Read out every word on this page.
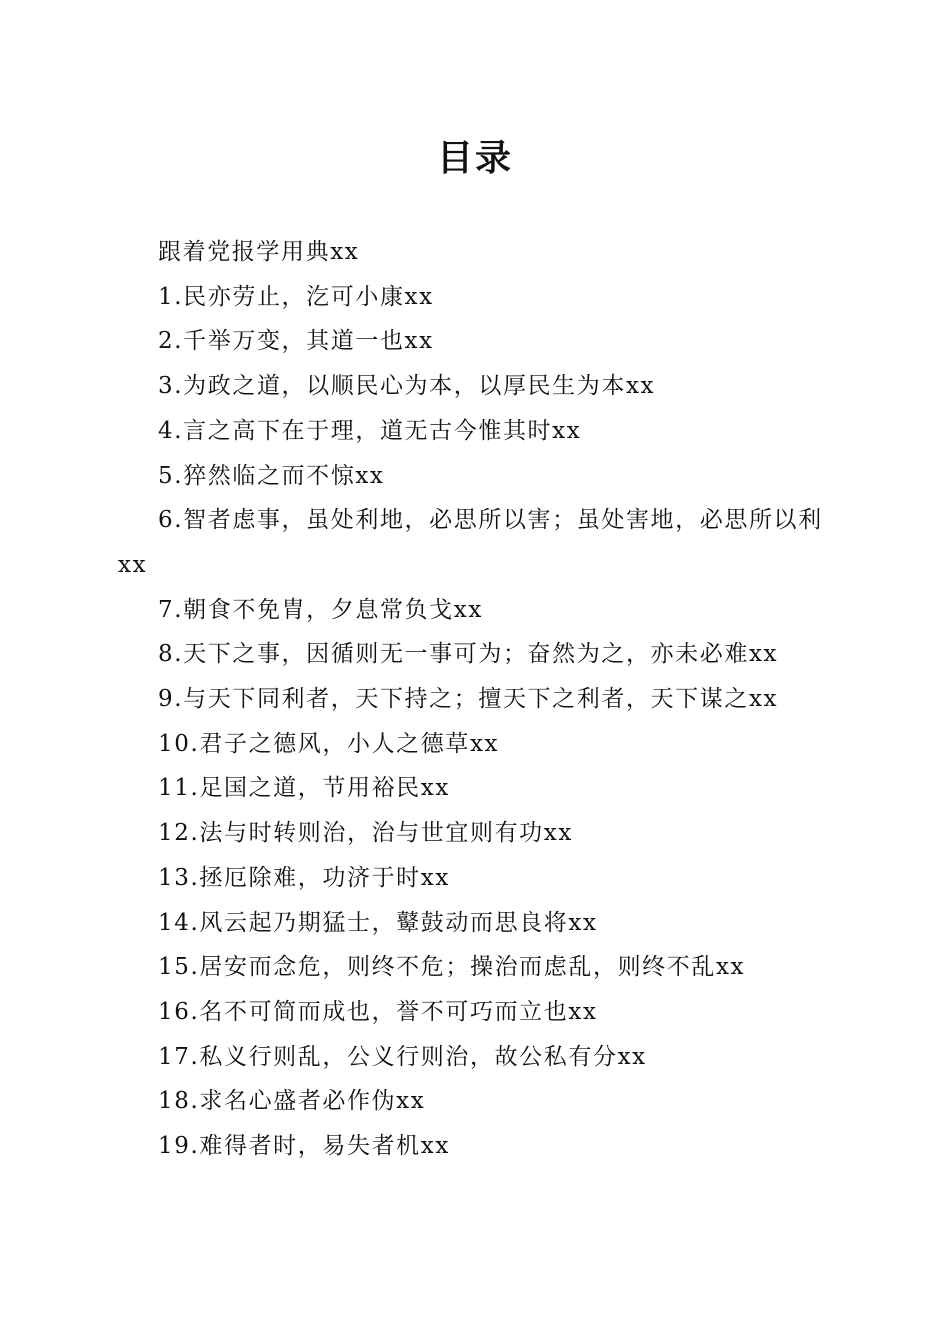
目录
跟着党报学用典xx
1.民亦劳止，汔可小康xx
2.千举万变，其道一也xx
3.为政之道，以顺民心为本，以厚民生为本xx
4.言之高下在于理，道无古今惟其时xx
5.猝然临之而不惊xx
6.智者虑事，虽处利地，必思所以害；虽处害地，必思所以利xx
7.朝食不免胄，夕息常负戈xx
8.天下之事，因循则无一事可为；奋然为之，亦未必难xx
9.与天下同利者，天下持之；擅天下之利者，天下谋之xx
10.君子之德风，小人之德草xx
11.足国之道，节用裕民xx
12.法与时转则治，治与世宜则有功xx
13.拯厄除难，功济于时xx
14.风云起乃期猛士，鼙鼓动而思良将xx
15.居安而念危，则终不危；操治而虑乱，则终不乱xx
16.名不可简而成也，誉不可巧而立也xx
17.私义行则乱，公义行则治，故公私有分xx
18.求名心盛者必作伪xx
19.难得者时，易失者机xx
